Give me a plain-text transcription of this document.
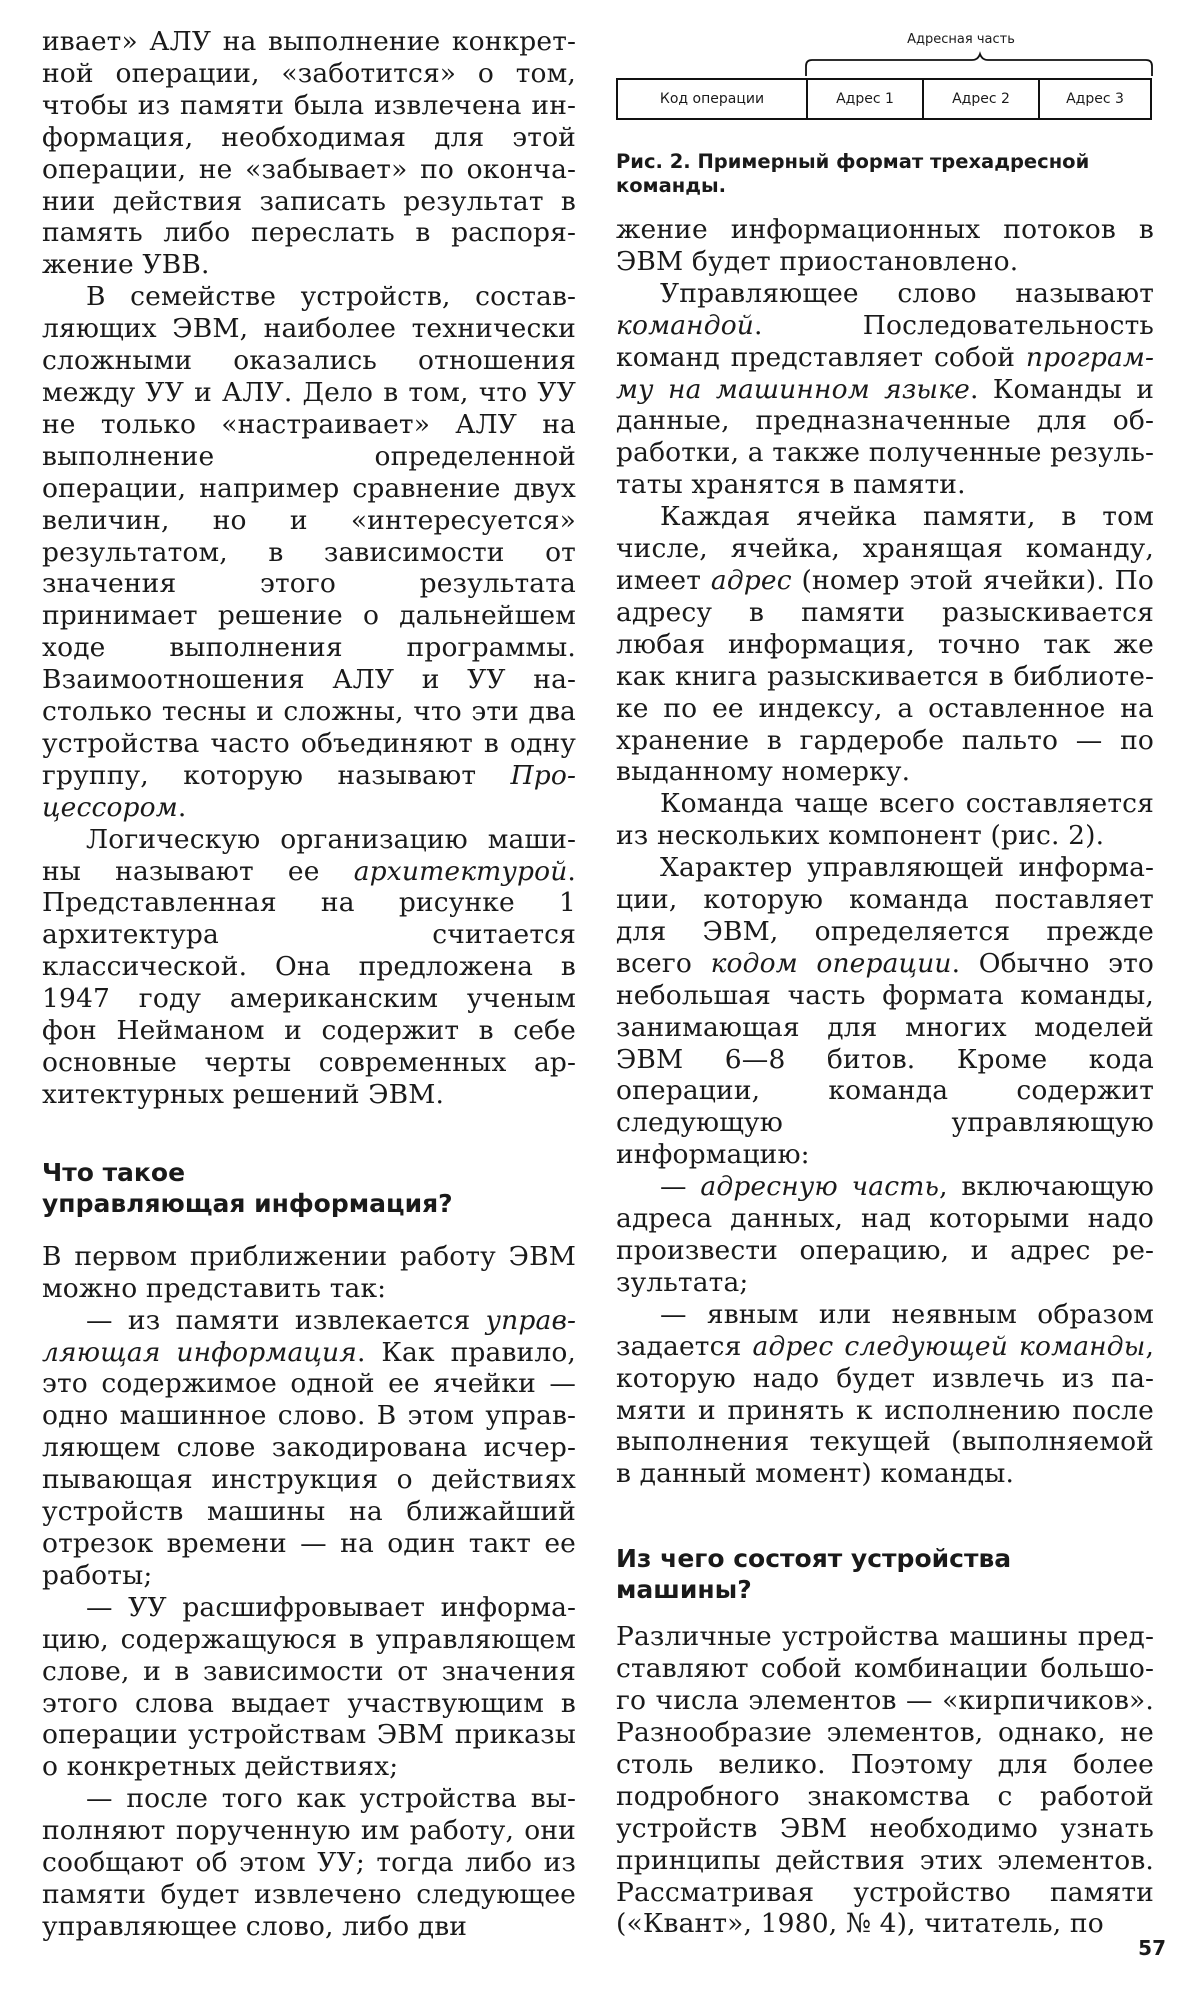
ивает» АЛУ на выполнение конкретной операции, «заботится» о том, чтобы из памяти была извлечена информация, необходимая для этой операции, не «забывает» по окончании действия записать результат в память либо переслать в распоряжение УВВ.

В семействе устройств, составляющих ЭВМ, наиболее технически сложными оказались отношения между УУ и АЛУ. Дело в том, что УУ не только «настраивает» АЛУ на выполнение определенной операции, например сравнение двух величин, но и «интересуется» результатом, в зависимости от значения этого результата принимает решение о дальнейшем ходе выполнения программы. Взаимоотношения АЛУ и УУ настолько тесны и сложны, что эти два устройства часто объединяют в одну группу, которую называют Процессором.

Логическую организацию машины называют ее архитектурой. Представленная на рисунке 1 архитектура считается классической. Она предложена в 1947 году американским ученым фон Нейманом и содержит в себе основные черты современных архитектурных решений ЭВМ.

Что такое
управляющая информация?

В первом приближении работу ЭВМ можно представить так:

— из памяти извлекается управляющая информация. Как правило, это содержимое одной ее ячейки — одно машинное слово. В этом управляющем слове закодирована исчерпывающая инструкция о действиях устройств машины на ближайший отрезок времени — на один такт ее работы;

— УУ расшифровывает информацию, содержащуюся в управляющем слове, и в зависимости от значения этого слова выдает участвующим в операции устройствам ЭВМ приказы о конкретных действиях;

— после того как устройства выполняют порученную им работу, они сообщают об этом УУ; тогда либо из памяти будет извлечено следующее управляющее слово, либо дви

Адресная часть
Код операции	Адрес 1	Адрес 2	Адрес 3
Рис. 2. Примерный формат трехадресной команды.

жение информационных потоков в ЭВМ будет приостановлено.

Управляющее слово называют командой. Последовательность команд представляет собой программу на машинном языке. Команды и данные, предназначенные для обработки, а также полученные результаты хранятся в памяти.

Каждая ячейка памяти, в том числе, ячейка, хранящая команду, имеет адрес (номер этой ячейки). По адресу в памяти разыскивается любая информация, точно так же как книга разыскивается в библиотеке по ее индексу, а оставленное на хранение в гардеробе пальто — по выданному номерку.

Команда чаще всего составляется из нескольких компонент (рис. 2).

Характер управляющей информации, которую команда поставляет для ЭВМ, определяется прежде всего кодом операции. Обычно это небольшая часть формата команды, занимающая для многих моделей ЭВМ 6—8 битов. Кроме кода операции, команда содержит следующую управляющую информацию:

— адресную часть, включающую адреса данных, над которыми надо произвести операцию, и адрес результата;

— явным или неявным образом задается адрес следующей команды, которую надо будет извлечь из памяти и принять к исполнению после выполнения текущей (выполняемой в данный момент) команды.

Из чего состоят устройства машины?

Различные устройства машины представляют собой комбинации большого числа элементов — «кирпичиков». Разнообразие элементов, однако, не столь велико. Поэтому для более подробного знакомства с работой устройств ЭВМ необходимо узнать принципы действия этих элементов. Рассматривая устройство памяти («Квант», 1980, № 4), читатель, по

57
